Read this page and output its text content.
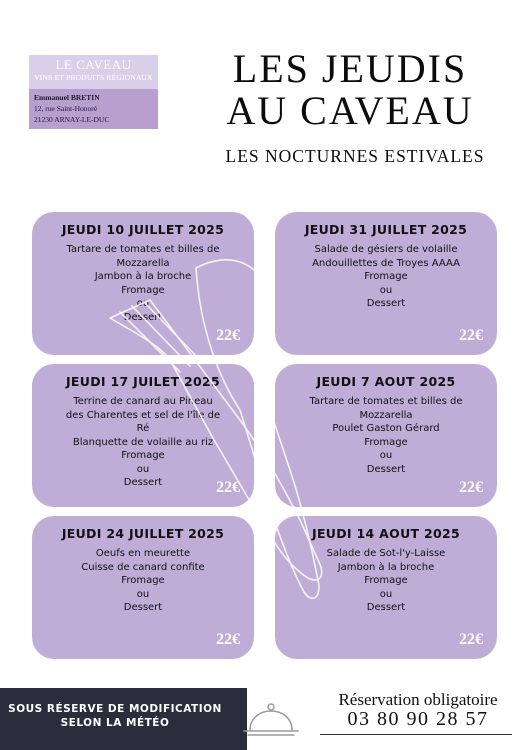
LE CAVEAU
VINS ET PRODUITS RÉGIONAUX
Emmanuel BRETIN
12, rue Saint-Honoré
21230 ARNAY-LE-DUC
LES JEUDIS
AU CAVEAU
LES NOCTURNES ESTIVALES
JEUDI 10 JUILLET 2025
Tartare de tomates et billes de
Mozzarella
Jambon à la broche
Fromage
ou
Dessert
22€
JEUDI 31 JUILLET 2025
Salade de gésiers de volaille
Andouillettes de Troyes AAAA
Fromage
ou
Dessert
22€
JEUDI 17 JUILET 2025
Terrine de canard au Pineau
des Charentes et sel de l'île de
Ré
Blanquette de volaille au riz
Fromage
ou
Dessert	22€
JEUDI 7 AOUT 2025
Tartare de tomates et billes de
Mozzarella
Poulet Gaston Gérard
Fromage
ou
Dessert
22€
JEUDI 24 JUILLET 2025
Oeufs en meurette
Cuisse de canard confite
Fromage
ou
Dessert
22€
JEUDI 14 AOUT 2025
Salade de Sot-l'y-Laisse
Jambon à la broche
Fromage
ou
Dessert
22€
SOUS RÉSERVE DE MODIFICATION
SELON LA MÉTÉO
Réservation obligatoire
03 80 90 28 57
